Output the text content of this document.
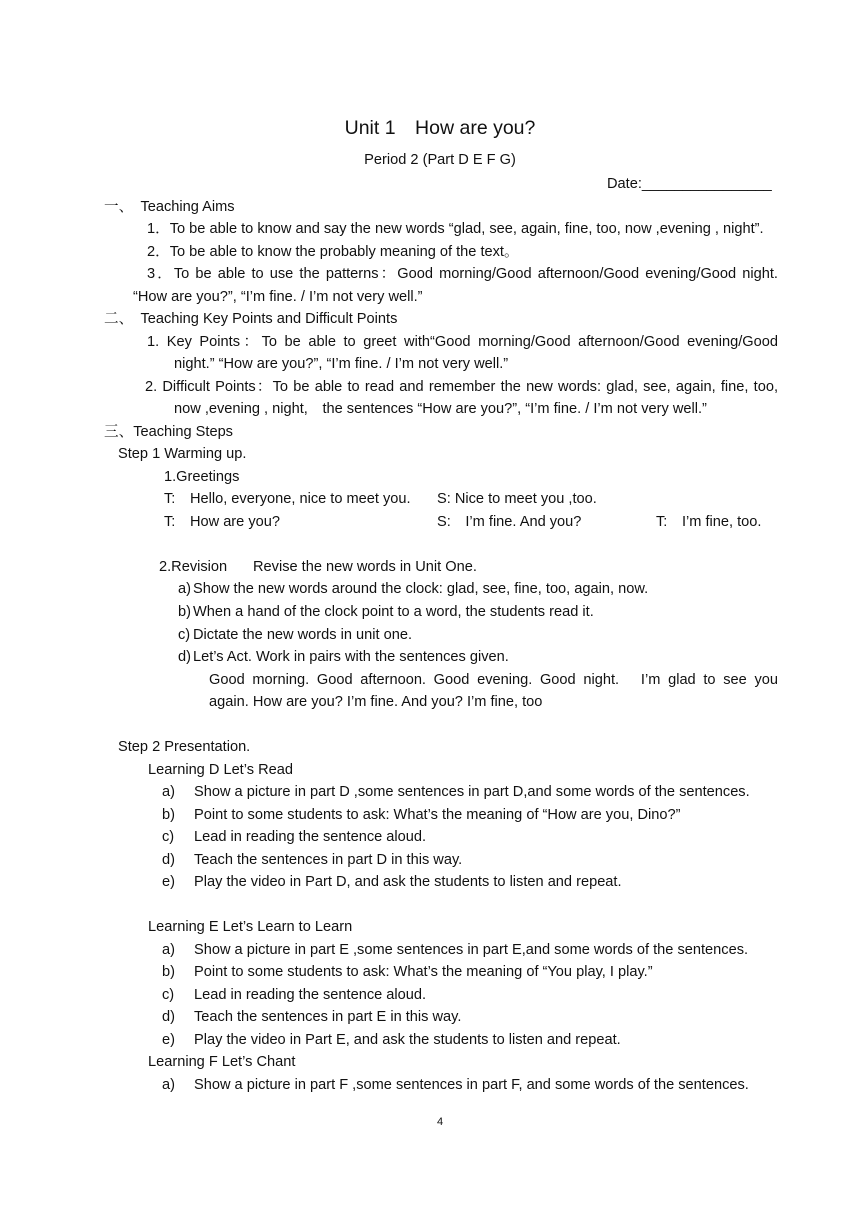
Unit 1　How are you?
Period 2 (Part D E F G)
Date:________________
一、　Teaching Aims
1．To be able to know and say the new words “glad, see, again, fine, too, now ,evening , night”.
2．To be able to know the probably meaning of the text。
3．To be able to use the patterns：Good morning/Good afternoon/Good evening/Good night.
“How are you?”, “I’m fine. / I’m not very well.”
二、　Teaching Key Points and Difficult Points
1. Key Points：To be able to greet with“Good morning/Good afternoon/Good evening/Good
night.” “How are you?”, “I’m fine. / I’m not very well.”
2. Difficult Points：To be able to read and remember the new words: glad, see, again, fine, too,
now ,evening , night,　the sentences “How are you?”, “I’m fine. / I’m not very well.”
三、Teaching Steps
Step 1 Warming up.
1.Greetings
T:　Hello, everyone, nice to meet you. S: Nice to meet you ,too.
T:　How are you?	S:　I’m fine. And you?	T:　I’m fine, too.
2.Revision Revise the new words in Unit One.
a) Show the new words around the clock: glad, see, fine, too, again, now.
b) When a hand of the clock point to a word, the students read it.
c) Dictate the new words in unit one.
d) Let’s Act. Work in pairs with the sentences given.
Good morning. Good afternoon. Good evening. Good night.　I’m glad to see you
again. How are you? I’m fine. And you? I’m fine, too
Step 2 Presentation.
Learning D Let’s Read
a) Show a picture in part D ,some sentences in part D,and some words of the sentences.
b) Point to some students to ask: What’s the meaning of “How are you, Dino?”
c) Lead in reading the sentence aloud.
d) Teach the sentences in part D in this way.
e) Play the video in Part D, and ask the students to listen and repeat.
Learning E Let’s Learn to Learn
a) Show a picture in part E ,some sentences in part E,and some words of the sentences.
b) Point to some students to ask: What’s the meaning of “You play, I play.”
c) Lead in reading the sentence aloud.
d) Teach the sentences in part E in this way.
e) Play the video in Part E, and ask the students to listen and repeat.
Learning F Let’s Chant
a) Show a picture in part F ,some sentences in part F, and some words of the sentences.
4
